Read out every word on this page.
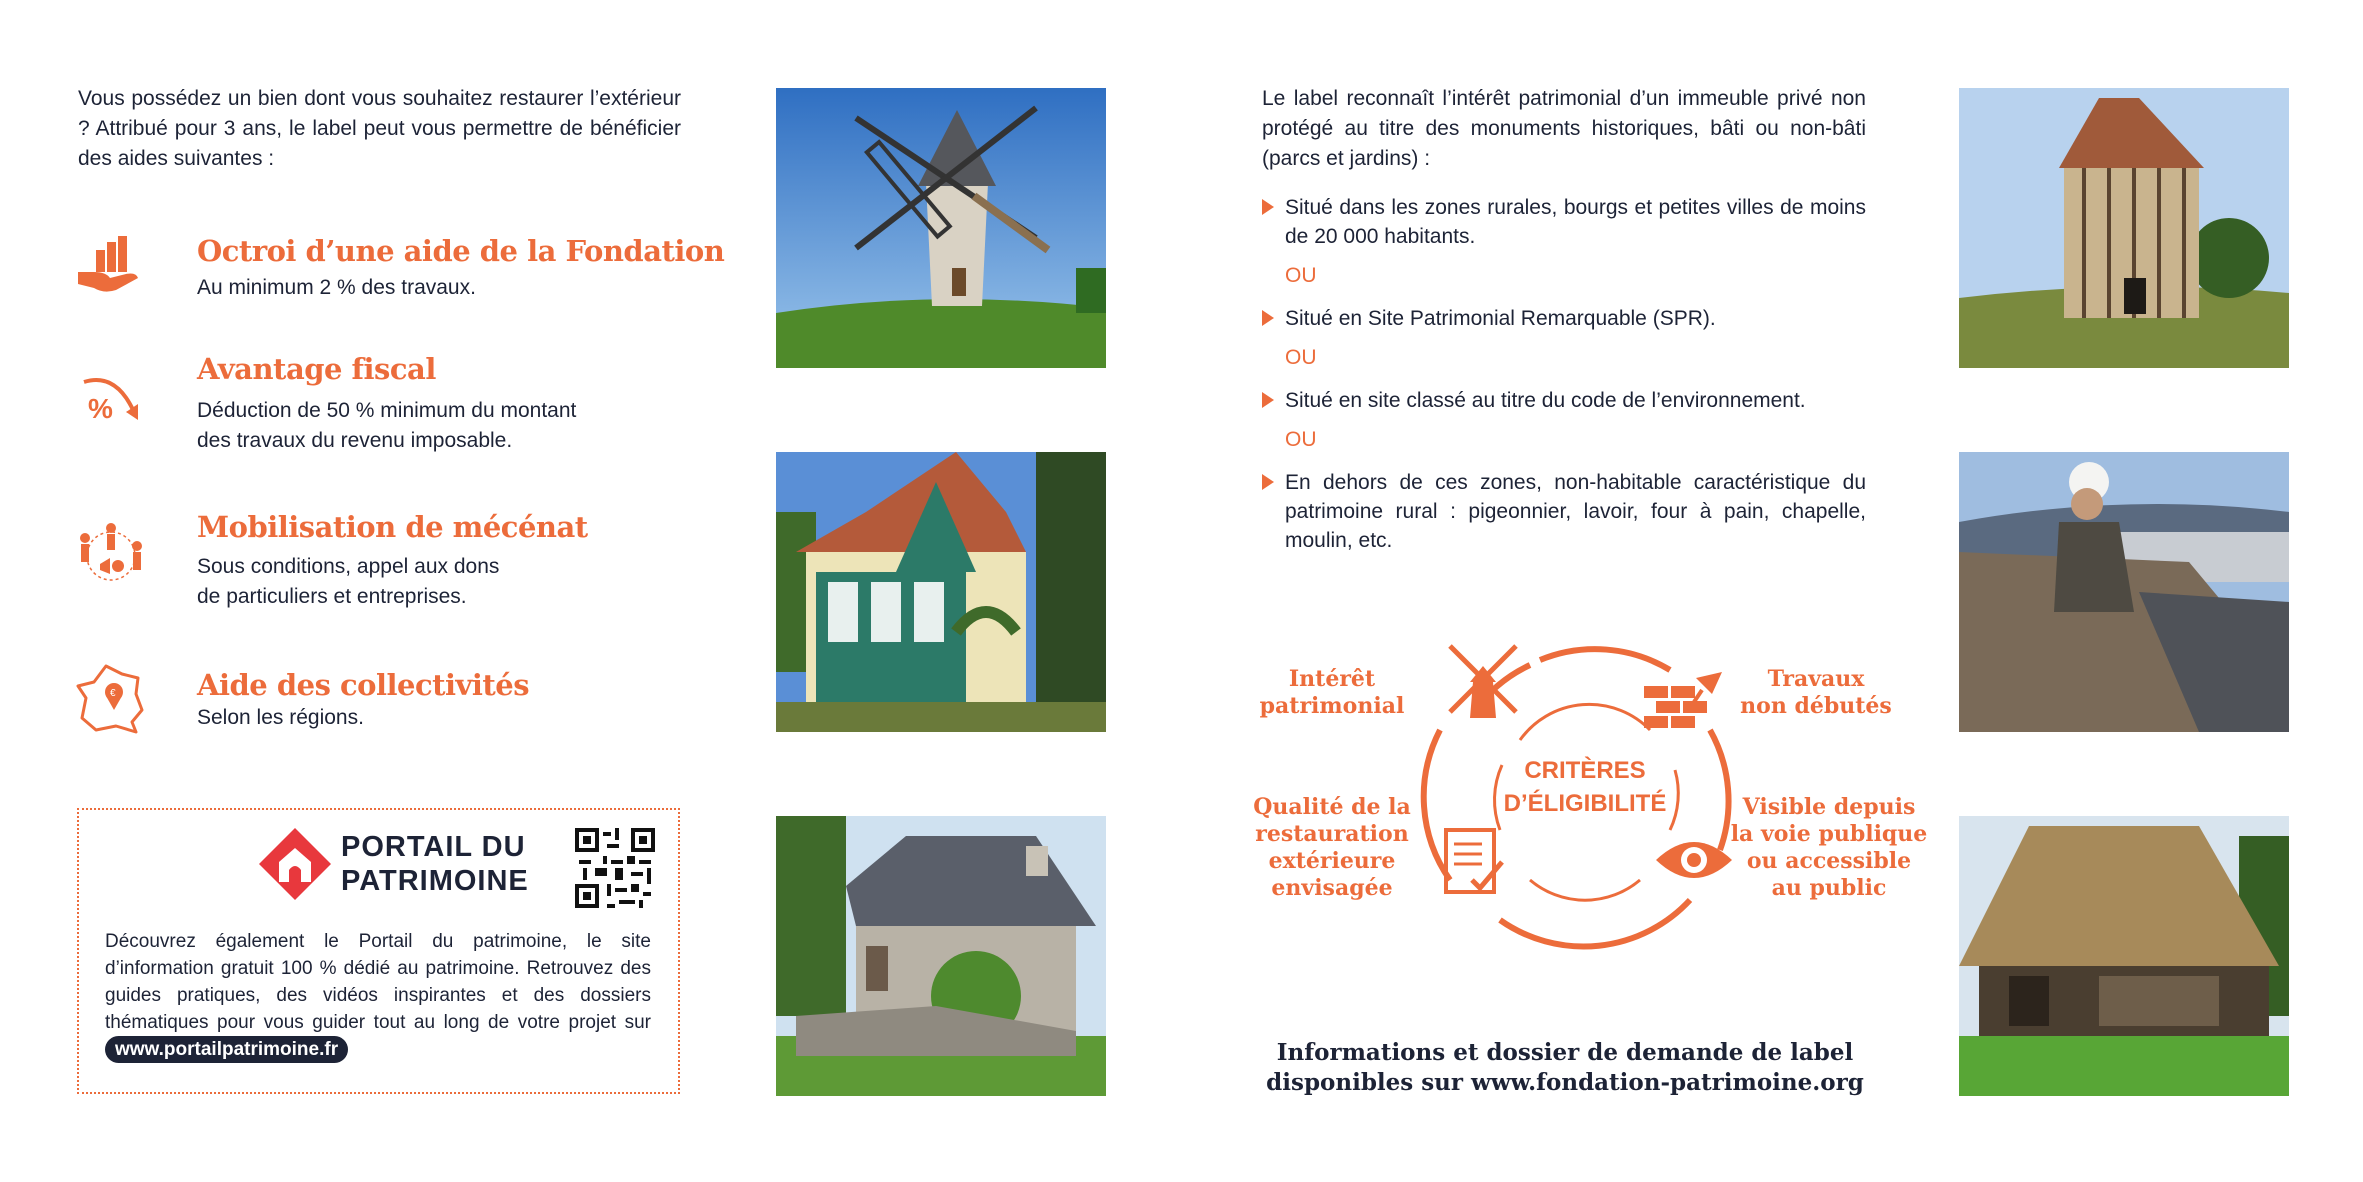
Vous possédez un bien dont vous souhaitez restaurer l’extérieur ? Attribué pour 3 ans, le label peut vous permettre de bénéficier des aides suivantes :
Octroi d’une aide de la Fondation
Au minimum 2 % des travaux.
%
Avantage fiscal
Déduction de 50 % minimum du montant
des travaux du revenu imposable.
Mobilisation de mécénat
Sous conditions, appel aux dons
de particuliers et entreprises.
€	Aide des collectivités
Selon les régions.
PORTAIL DU
PATRIMOINE
Découvrez également le Portail du patrimoine, le site d’information gratuit 100 % dédié au patrimoine. Retrouvez des guides pratiques, des vidéos inspirantes et des dossiers thématiques pour vous guider tout au long de votre projet sur www.portailpatrimoine.fr
Le label reconnaît l’intérêt patrimonial d’un immeuble privé non protégé au titre des monuments historiques, bâti ou non-bâti (parcs et jardins) :
Situé dans les zones rurales, bourgs et petites villes de moins de 20 000 habitants.
OU
Situé en Site Patrimonial Remarquable (SPR).
OU
Situé en site classé au titre du code de l’environnement.
OU
En dehors de ces zones, non-habitable caractéristique du patrimoine rural : pigeonnier, lavoir, four à pain, chapelle, moulin, etc.
CRITÈRES
D’ÉLIGIBILITÉ
Intérêt
patrimonial
Travaux
non débutés
Qualité de la
restauration
extérieure
envisagée
Visible depuis
la voie publique
ou accessible
au public
Informations et dossier de demande de label
disponibles sur www.fondation-patrimoine.org
